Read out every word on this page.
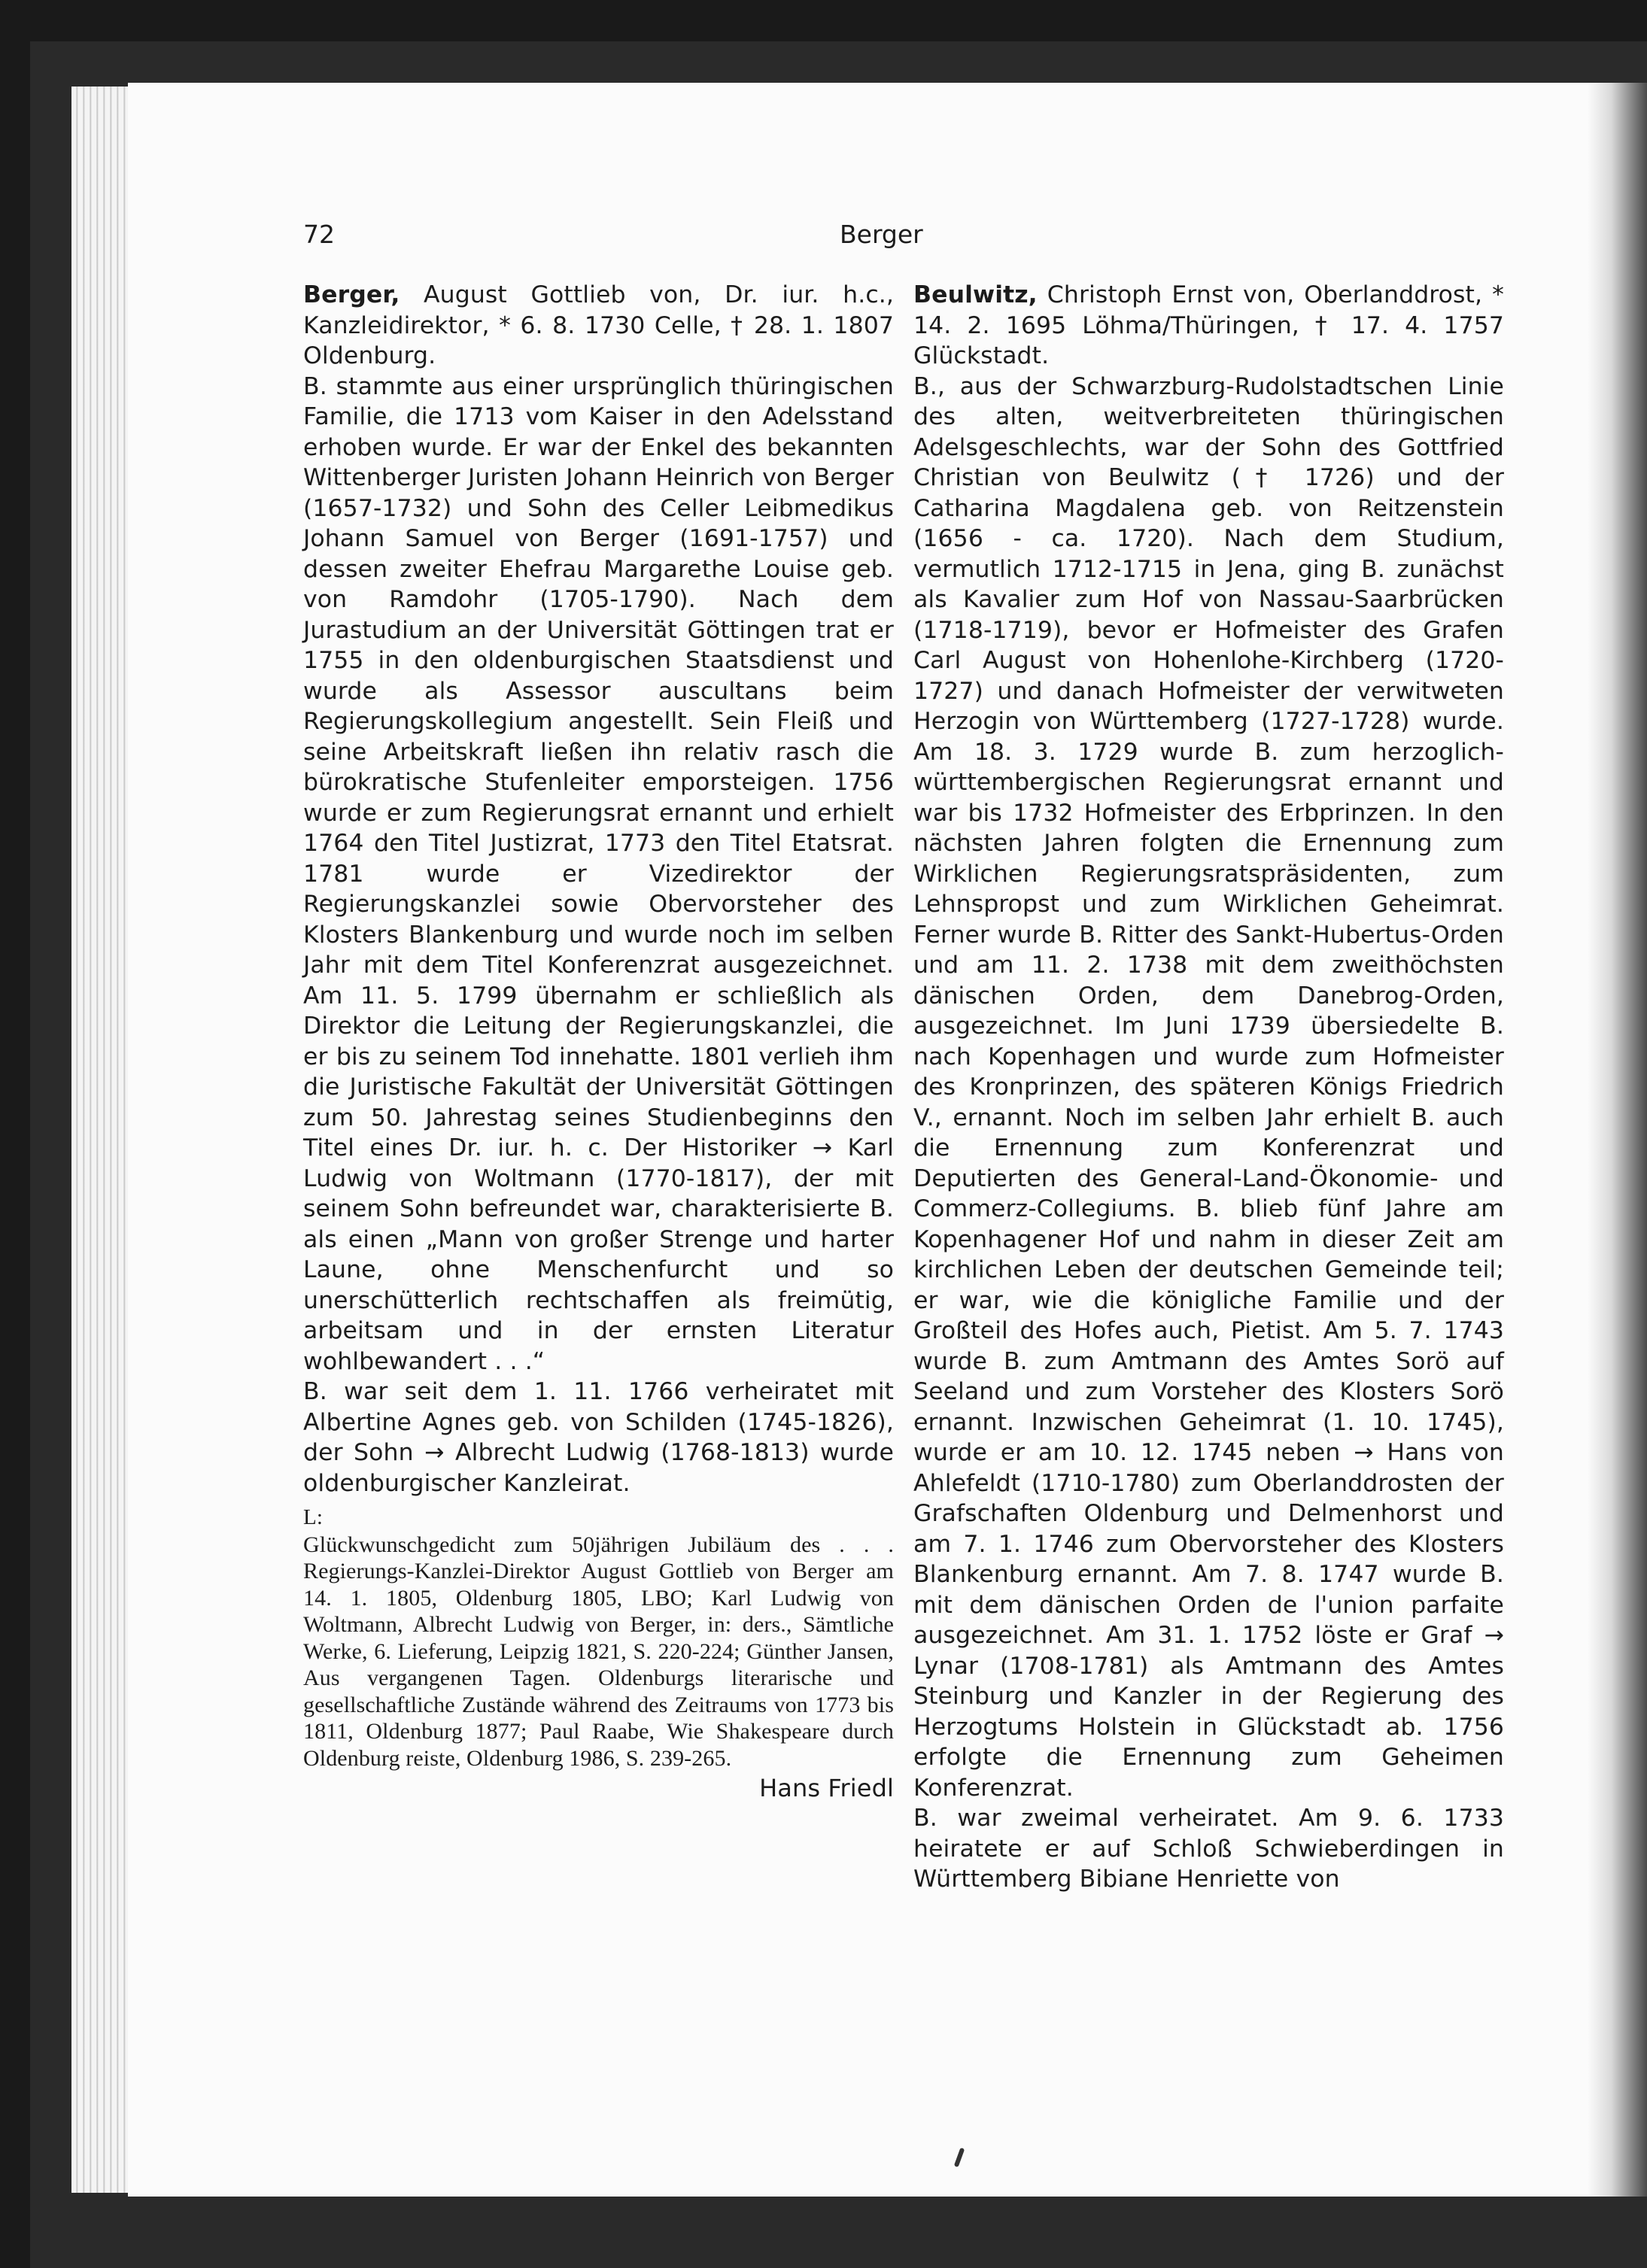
72	Berger

Berger, August Gottlieb von, Dr. iur. h.c., Kanzleidirektor, * 6. 8. 1730 Celle, † 28. 1. 1807 Oldenburg.

B. stammte aus einer ursprünglich thüringischen Familie, die 1713 vom Kaiser in den Adelsstand erhoben wurde. Er war der Enkel des bekannten Wittenberger Juristen Johann Heinrich von Berger (1657-1732) und Sohn des Celler Leibmedikus Johann Samuel von Berger (1691-1757) und dessen zweiter Ehefrau Margarethe Louise geb. von Ramdohr (1705-1790). Nach dem Jurastudium an der Universität Göttingen trat er 1755 in den oldenburgischen Staatsdienst und wurde als Assessor auscultans beim Regierungskollegium angestellt. Sein Fleiß und seine Arbeitskraft ließen ihn relativ rasch die bürokratische Stufenleiter emporsteigen. 1756 wurde er zum Regierungsrat ernannt und erhielt 1764 den Titel Justizrat, 1773 den Titel Etatsrat. 1781 wurde er Vizedirektor der Regierungskanzlei sowie Obervorsteher des Klosters Blankenburg und wurde noch im selben Jahr mit dem Titel Konferenzrat ausgezeichnet. Am 11. 5. 1799 übernahm er schließlich als Direktor die Leitung der Regierungskanzlei, die er bis zu seinem Tod innehatte. 1801 verlieh ihm die Juristische Fakultät der Universität Göttingen zum 50. Jahrestag seines Studienbeginns den Titel eines Dr. iur. h. c. Der Historiker → Karl Ludwig von Woltmann (1770-1817), der mit seinem Sohn befreundet war, charakterisierte B. als einen „Mann von großer Strenge und harter Laune, ohne Menschenfurcht und so unerschütterlich rechtschaffen als freimütig, arbeitsam und in der ernsten Literatur wohlbewandert . . .“

B. war seit dem 1. 11. 1766 verheiratet mit Albertine Agnes geb. von Schilden (1745-1826), der Sohn → Albrecht Ludwig (1768-1813) wurde oldenburgischer Kanzleirat.

L:

Glückwunschgedicht zum 50jährigen Jubiläum des . . . Regierungs-Kanzlei-Direktor August Gottlieb von Berger am 14. 1. 1805, Oldenburg 1805, LBO; Karl Ludwig von Woltmann, Albrecht Ludwig von Berger, in: ders., Sämtliche Werke, 6. Lieferung, Leipzig 1821, S. 220-224; Günther Jansen, Aus vergangenen Tagen. Oldenburgs literarische und gesellschaftliche Zustände während des Zeitraums von 1773 bis 1811, Oldenburg 1877; Paul Raabe, Wie Shakespeare durch Oldenburg reiste, Oldenburg 1986, S. 239-265.

Hans Friedl

Beulwitz, Christoph Ernst von, Oberlanddrost, * 14. 2. 1695 Löhma/Thüringen, † 17. 4. 1757 Glückstadt.

B., aus der Schwarzburg-Rudolstadtschen Linie des alten, weitverbreiteten thüringischen Adelsgeschlechts, war der Sohn des Gottfried Christian von Beulwitz († 1726) und der Catharina Magdalena geb. von Reitzenstein (1656 - ca. 1720). Nach dem Studium, vermutlich 1712-1715 in Jena, ging B. zunächst als Kavalier zum Hof von Nassau-Saarbrücken (1718-1719), bevor er Hofmeister des Grafen Carl August von Hohenlohe-Kirchberg (1720-1727) und danach Hofmeister der verwitweten Herzogin von Württemberg (1727-1728) wurde. Am 18. 3. 1729 wurde B. zum herzoglich-württembergischen Regierungsrat ernannt und war bis 1732 Hofmeister des Erbprinzen. In den nächsten Jahren folgten die Ernennung zum Wirklichen Regierungsratspräsidenten, zum Lehnspropst und zum Wirklichen Geheimrat. Ferner wurde B. Ritter des Sankt-Hubertus-Orden und am 11. 2. 1738 mit dem zweithöchsten dänischen Orden, dem Danebrog-Orden, ausgezeichnet. Im Juni 1739 übersiedelte B. nach Kopenhagen und wurde zum Hofmeister des Kronprinzen, des späteren Königs Friedrich V., ernannt. Noch im selben Jahr erhielt B. auch die Ernennung zum Konferenzrat und Deputierten des General-Land-Ökonomie- und Commerz-Collegiums. B. blieb fünf Jahre am Kopenhagener Hof und nahm in dieser Zeit am kirchlichen Leben der deutschen Gemeinde teil; er war, wie die königliche Familie und der Großteil des Hofes auch, Pietist. Am 5. 7. 1743 wurde B. zum Amtmann des Amtes Sorö auf Seeland und zum Vorsteher des Klosters Sorö ernannt. Inzwischen Geheimrat (1. 10. 1745), wurde er am 10. 12. 1745 neben → Hans von Ahlefeldt (1710-1780) zum Oberlanddrosten der Grafschaften Oldenburg und Delmenhorst und am 7. 1. 1746 zum Obervorsteher des Klosters Blankenburg ernannt. Am 7. 8. 1747 wurde B. mit dem dänischen Orden de l'union parfaite ausgezeichnet. Am 31. 1. 1752 löste er Graf → Lynar (1708-1781) als Amtmann des Amtes Steinburg und Kanzler in der Regierung des Herzogtums Holstein in Glückstadt ab. 1756 erfolgte die Ernennung zum Geheimen Konferenzrat.

B. war zweimal verheiratet. Am 9. 6. 1733 heiratete er auf Schloß Schwieberdingen in Württemberg Bibiane Henriette von
